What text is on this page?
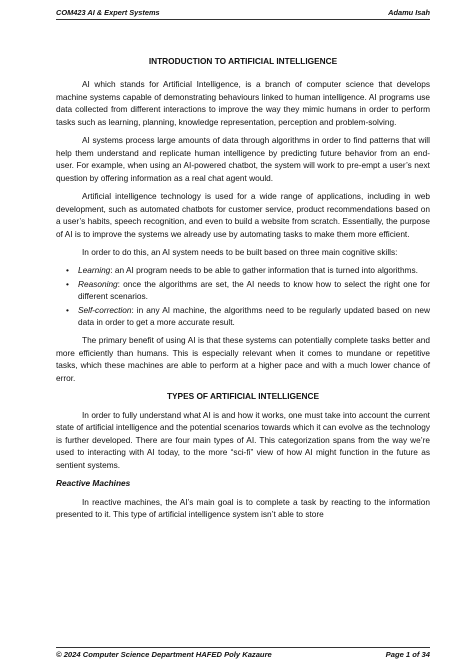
COM423 AI & Expert Systems	Adamu Isah
INTRODUCTION TO ARTIFICIAL INTELLIGENCE

AI which stands for Artificial Intelligence, is a branch of computer science that develops machine systems capable of demonstrating behaviours linked to human intelligence. AI programs use data collected from different interactions to improve the way they mimic humans in order to perform tasks such as learning, planning, knowledge representation, perception and problem-solving.

AI systems process large amounts of data through algorithms in order to find patterns that will help them understand and replicate human intelligence by predicting future behavior from an end-user. For example, when using an AI-powered chatbot, the system will work to pre-empt a user’s next question by offering information as a real chat agent would.

Artificial intelligence technology is used for a wide range of applications, including in web development, such as automated chatbots for customer service, product recommendations based on a user’s habits, speech recognition, and even to build a website from scratch. Essentially, the purpose of AI is to improve the systems we already use by automating tasks to make them more efficient.

In order to do this, an AI system needs to be built based on three main cognitive skills:

• Learning: an AI program needs to be able to gather information that is turned into algorithms.
• Reasoning: once the algorithms are set, the AI needs to know how to select the right one for different scenarios.
• Self-correction: in any AI machine, the algorithms need to be regularly updated based on new data in order to get a more accurate result.

The primary benefit of using AI is that these systems can potentially complete tasks better and more efficiently than humans. This is especially relevant when it comes to mundane or repetitive tasks, which these machines are able to perform at a higher pace and with a much lower chance of error.

TYPES OF ARTIFICIAL INTELLIGENCE

In order to fully understand what AI is and how it works, one must take into account the current state of artificial intelligence and the potential scenarios towards which it can evolve as the technology is further developed. There are four main types of AI. This categorization spans from the way we’re used to interacting with AI today, to the more “sci-fi” view of how AI might function in the future as sentient systems.

Reactive Machines

In reactive machines, the AI’s main goal is to complete a task by reacting to the information presented to it. This type of artificial intelligence system isn’t able to store

© 2024 Computer Science Department HAFED Poly Kazaure	Page 1 of 34
